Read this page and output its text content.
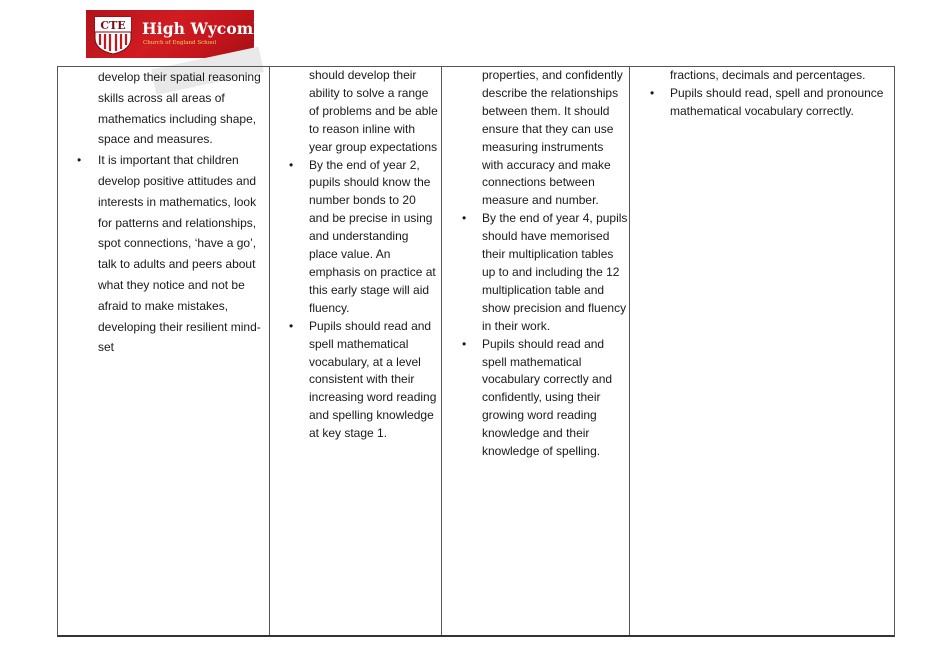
CTE High Wycombe
Church of England School
develop their spatial reasoning skills across all areas of mathematics including shape, space and measures.
• It is important that children develop positive attitudes and interests in mathematics, look for patterns and relationships, spot connections, ‘have a go’, talk to adults and peers about what they notice and not be afraid to make mistakes, developing their resilient mind-set
should develop their ability to solve a range of problems and be able to reason inline with year group expectations
• By the end of year 2, pupils should know the number bonds to 20 and be precise in using and understanding place value. An emphasis on practice at this early stage will aid fluency.
• Pupils should read and spell mathematical vocabulary, at a level consistent with their increasing word reading and spelling knowledge at key stage 1.
properties, and confidently describe the relationships between them. It should ensure that they can use measuring instruments with accuracy and make connections between measure and number.
• By the end of year 4, pupils should have memorised their multiplication tables up to and including the 12 multiplication table and show precision and fluency in their work.
• Pupils should read and spell mathematical vocabulary correctly and confidently, using their growing word reading knowledge and their knowledge of spelling.
fractions, decimals and percentages.
• Pupils should read, spell and pronounce mathematical vocabulary correctly.
